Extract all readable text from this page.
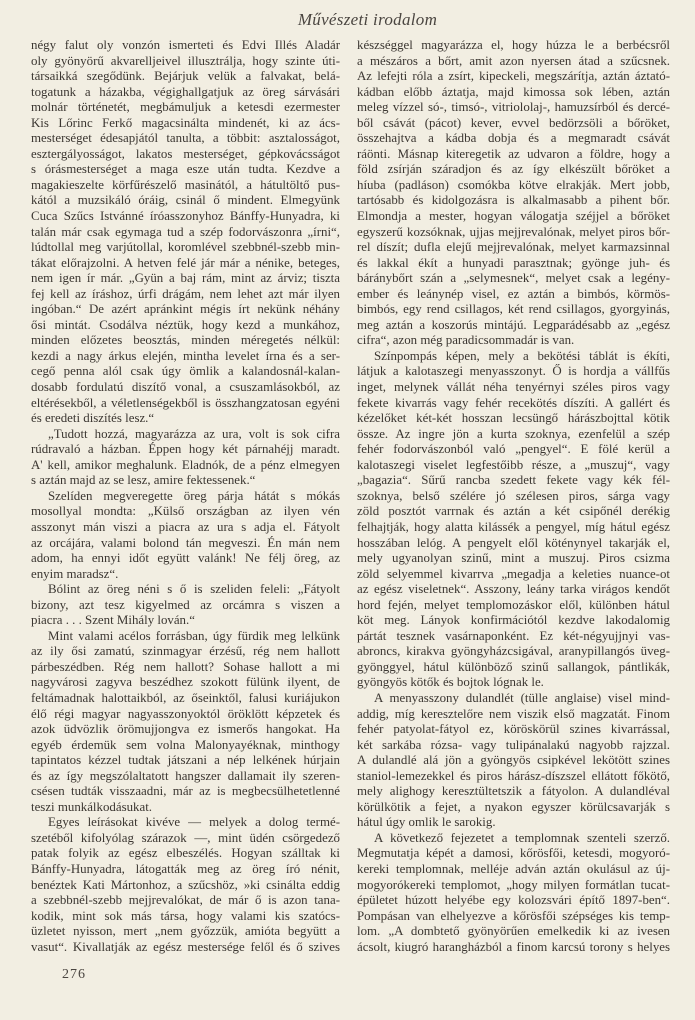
Művészeti irodalom
négy falut oly vonzón ismerteti és Edvi Illés Aladár
oly gyönyörű akvarelljeivel illusztrálja, hogy szinte úti-
társaikká szegődünk. Bejárjuk velük a falvakat, belá-
togatunk a házakba, végighallgatjuk az öreg sárvásári
molnár történetét, megbámuljuk a ketesdi ezermester
Kis Lőrinc Ferkő magacsinálta mindenét, ki az ács-
mesterséget édesapjától tanulta, a többit: asztalosságot,
esztergályosságot, lakatos mesterséget, gépkovácsságot
s órásmesterséget a maga esze után tudta. Kezdve a
magakieszelte körfűrészelő masinától, a hátultöltő pus-
kától a muzsikáló óráig, csinál ő mindent. Elmegyünk
Cuca Szűcs Istvánné íróasszonyhoz Bánffy-Hunyadra, ki
talán már csak egymaga tud a szép fodorvászonra „írni“,
lúdtollal meg varjútollal, koromlével szebbnél-szebb min-
tákat előrajzolni. A hetven felé jár már a nénike, beteges,
nem igen ír már. „Gyün a baj rám, mint az árviz; tiszta
fej kell az íráshoz, úrfi drágám, nem lehet azt már ilyen
ingóban.“ De azért apránkint mégis írt nekünk néhány
ősi mintát. Csodálva néztük, hogy kezd a munkához,
minden előzetes beosztás, minden méregetés nélkül:
kezdi a nagy árkus elején, mintha levelet írna és a ser-
cegő penna alól csak úgy ömlik a kalandosnál-kalan-
dosabb fordulatú diszítő vonal, a csuszamlásokból, az
eltérésekből, a véletlenségekből is összhangzatosan egyéni
és eredeti diszítés lesz.“
„Tudott hozzá, magyarázza az ura, volt is sok cifra
rúdravaló a házban. Éppen hogy két párnahéjj maradt.
A' kell, amikor meghalunk. Eladnók, de a pénz elmegyen
s aztán majd az se lesz, amire fektessenek.“
Szelíden megveregette öreg párja hátát s mókás
mosollyal mondta: „Külső országban az ilyen vén
asszonyt mán viszi a piacra az ura s adja el. Fátyolt
az orcájára, valami bolond tán megveszi. Én mán nem
adom, ha ennyi időt együtt valánk! Ne félj öreg, az
enyim maradsz“.
Bólint az öreg néni s ő is szeliden feleli: „Fátyolt
bizony, azt tesz kigyelmed az orcámra s viszen a
piacra . . . Szent Mihály lován.“
Mint valami acélos forrásban, úgy fürdik meg lelkünk
az ily ősi zamatú, szinmagyar érzésű, rég nem hallott
párbeszédben. Rég nem hallott? Sohase hallott a mi
nagyvárosi zagyva beszédhez szokott fülünk ilyent, de
feltámadnak halottaikból, az őseinktől, falusi kuriájukon
élő régi magyar nagyasszonyoktól öröklött képzetek és
azok üdvözlik örömujjongva ez ismerős hangokat. Ha
egyéb érdemük sem volna Malonyayéknak, minthogy
tapintatos kézzel tudtak játszani a nép lelkének húrjain
és az így megszólaltatott hangszer dallamait ily szeren-
csésen tudták visszaadni, már az is megbecsülhetetlenné
teszi munkálkodásukat.
Egyes leírásokat kivéve — melyek a dolog termé-
szetéből kifolyólag szárazok —, mint üdén csörgedező
patak folyik az egész elbeszélés. Hogyan szálltak ki
Bánffy-Hunyadra, látogatták meg az öreg író nénit,
benéztek Kati Mártonhoz, a szűcshöz, »ki csinálta eddig
a szebbnél-szebb mejjrevalókat, de már ő is azon tana-
kodik, mint sok más társa, hogy valami kis szatócs-
üzletet nyisson, mert „nem győzzük, amióta begyütt a
vasut“. Kivallatják az egész mestersége felől és ő szives
készséggel magyarázza el, hogy húzza le a berbécsről
a mészáros a bőrt, amit azon nyersen átad a szűcsnek.
Az lefejti róla a zsírt, kipeckeli, megszárítja, aztán áztató-
kádban előbb áztatja, majd kimossa sok lében, aztán
meleg vízzel só-, timsó-, vitriololaj-, hamuzsírból és dercé-
ből csávát (pácot) kever, evvel bedörzsöli a bőröket,
összehajtva a kádba dobja és a megmaradt csávát
ráönti. Másnap kiteregetik az udvaron a földre, hogy a
föld zsírján száradjon és az így elkészült bőröket a
híuba (padláson) csomókba kötve elrakják. Mert jobb,
tartósabb és kidolgozásra is alkalmasabb a pihent bőr.
Elmondja a mester, hogyan válogatja széjjel a bőröket
egyszerű kozsóknak, ujjas mejjrevalónak, melyet piros bőr-
rel díszít; dufla elejű mejjrevalónak, melyet karmazsinnal
és lakkal ékít a hunyadi parasztnak; gyönge juh- és
báránybőrt szán a „selymesnek“, melyet csak a legény-
ember és leánynép visel, ez aztán a bimbós, körmös-
bimbós, egy rend csillagos, két rend csillagos, gyorgyinás,
meg aztán a koszorús mintájú. Legparádésabb az „egész
cifra“, azon még paradicsommadár is van.
Színpompás képen, mely a bekötési táblát is ékíti,
látjuk a kalotaszegi menyasszonyt. Ő is hordja a vállfűs
inget, melynek vállát néha tenyérnyi széles piros vagy
fekete kivarrás vagy fehér recekötés díszíti. A gallért és
kézelőket két-két hosszan lecsüngő hárászbojttal kötik
össze. Az ingre jön a kurta szoknya, ezenfelül a szép
fehér fodorvászonból való „pengyel“. E fölé kerül a
kalotaszegi viselet legfestőibb része, a „muszuj“, vagy
„bagazia“. Sűrű rancba szedett fekete vagy kék fél-
szoknya, belső szélére jó szélesen piros, sárga vagy
zöld posztót varrnak és aztán a két csipőnél derékig
felhajtják, hogy alatta kilássék a pengyel, míg hátul egész
hosszában lelóg. A pengyelt elől köténynyel takarják el,
mely ugyanolyan szinű, mint a muszuj. Piros csizma
zöld selyemmel kivarrva „megadja a keleties nuance-ot
az egész viseletnek“. Asszony, leány tarka virágos kendőt
hord fején, melyet templomozáskor elől, különben hátul
köt meg. Lányok konfirmációtól kezdve lakodalomig
pártát tesznek vasárnaponként. Ez két-négyujjnyi vas-
abroncs, kirakva gyöngyházcsigával, aranypillangós üveg-
gyönggyel, hátul különböző szinű sallangok, pántlikák,
gyöngyös kötők és bojtok lógnak le.
A menyasszony dulandlét (tülle anglaise) visel mind-
addig, míg keresztelőre nem viszik első magzatát. Finom
fehér patyolat-fátyol ez, köröskörül szines kivarrással,
két sarkába rózsa- vagy tulipánalakú nagyobb rajzzal.
A dulandlé alá jön a gyöngyös csipkével lekötött szines
staniol-lemezekkel és piros hárász-díszszel ellátott főkötő,
mely alighogy keresztültetszik a fátyolon. A dulandléval
körülkötik a fejet, a nyakon egyszer körülcsavarják s
hátul úgy omlik le sarokig.
A következő fejezetet a templomnak szenteli szerző.
Megmutatja képét a damosi, kőrösfői, ketesdi, mogyoró-
kereki templomnak, melléje adván aztán okulásul az új-
mogyorókereki templomot, „hogy milyen formátlan tucat-
épületet húzott helyébe egy kolozsvári építő 1897-ben“.
Pompásan van elhelyezve a kőrösfői szépséges kis temp-
lom. „A dombtető gyönyörűen emelkedik ki az ivesen
ácsolt, kiugró harangházból a finom karcsú torony s helyes
276
